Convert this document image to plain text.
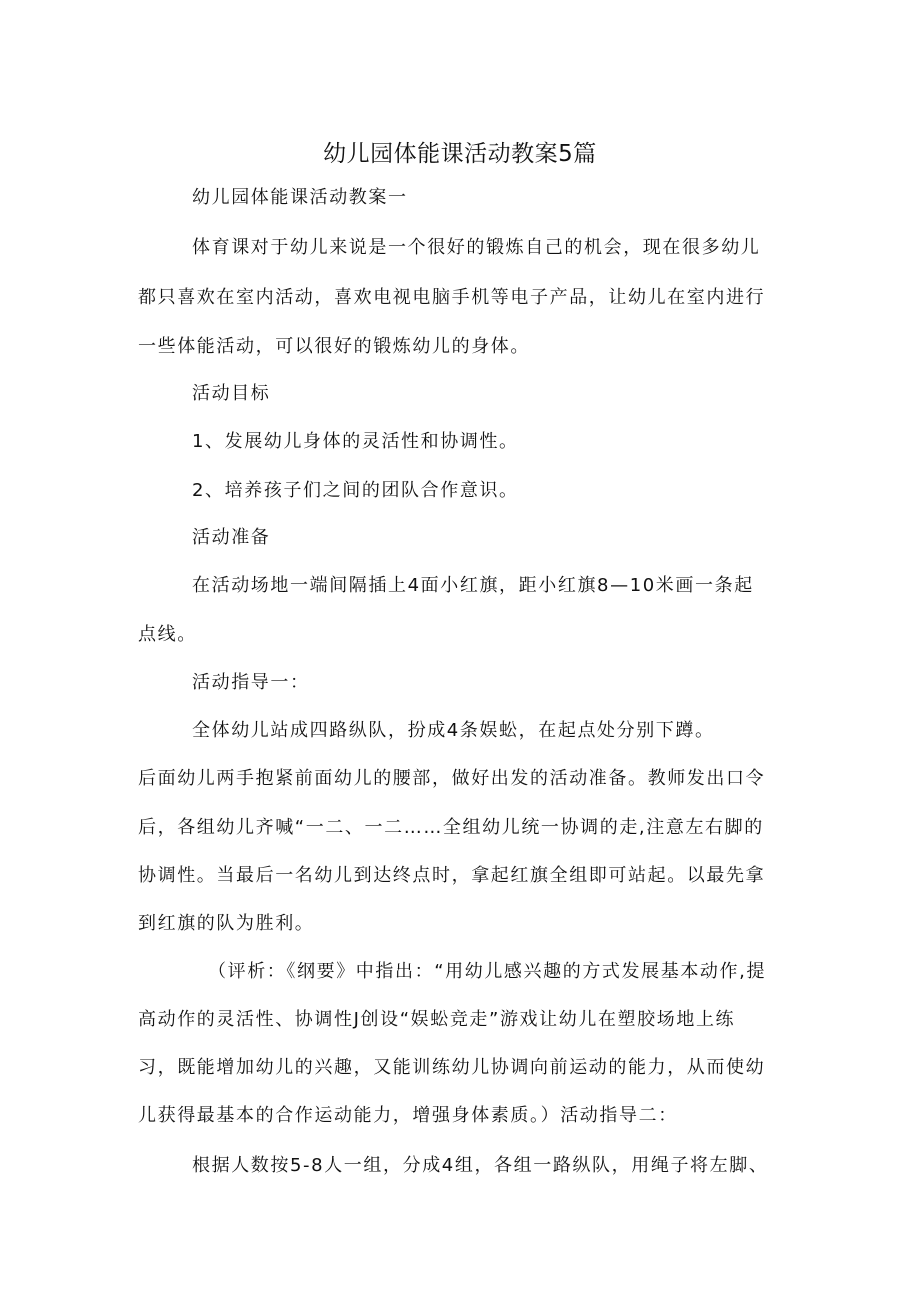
幼儿园体能课活动教案5篇

幼儿园体能课活动教案一

体育课对于幼儿来说是一个很好的锻炼自己的机会，现在很多幼儿

都只喜欢在室内活动，喜欢电视电脑手机等电子产品，让幼儿在室内进行

一些体能活动，可以很好的锻炼幼儿的身体。

活动目标

1、发展幼儿身体的灵活性和协调性。

2、培养孩子们之间的团队合作意识。

活动准备

在活动场地一端间隔插上4面小红旗，距小红旗8—10米画一条起

点线。

活动指导一：

全体幼儿站成四路纵队，扮成4条娱蚣，在起点处分别下蹲。

后面幼儿两手抱紧前面幼儿的腰部，做好出发的活动准备。教师发出口令

后，各组幼儿齐喊“一二、一二……全组幼儿统一协调的走,注意左右脚的

协调性。当最后一名幼儿到达终点时，拿起红旗全组即可站起。以最先拿

到红旗的队为胜利。

（评析：《纲要》中指出：“用幼儿感兴趣的方式发展基本动作,提

高动作的灵活性、协调性J创设“娱蚣竞走”游戏让幼儿在塑胶场地上练

习，既能增加幼儿的兴趣，又能训练幼儿协调向前运动的能力，从而使幼

儿获得最基本的合作运动能力，增强身体素质。）活动指导二：

根据人数按5-8人一组，分成4组，各组一路纵队，用绳子将左脚、
